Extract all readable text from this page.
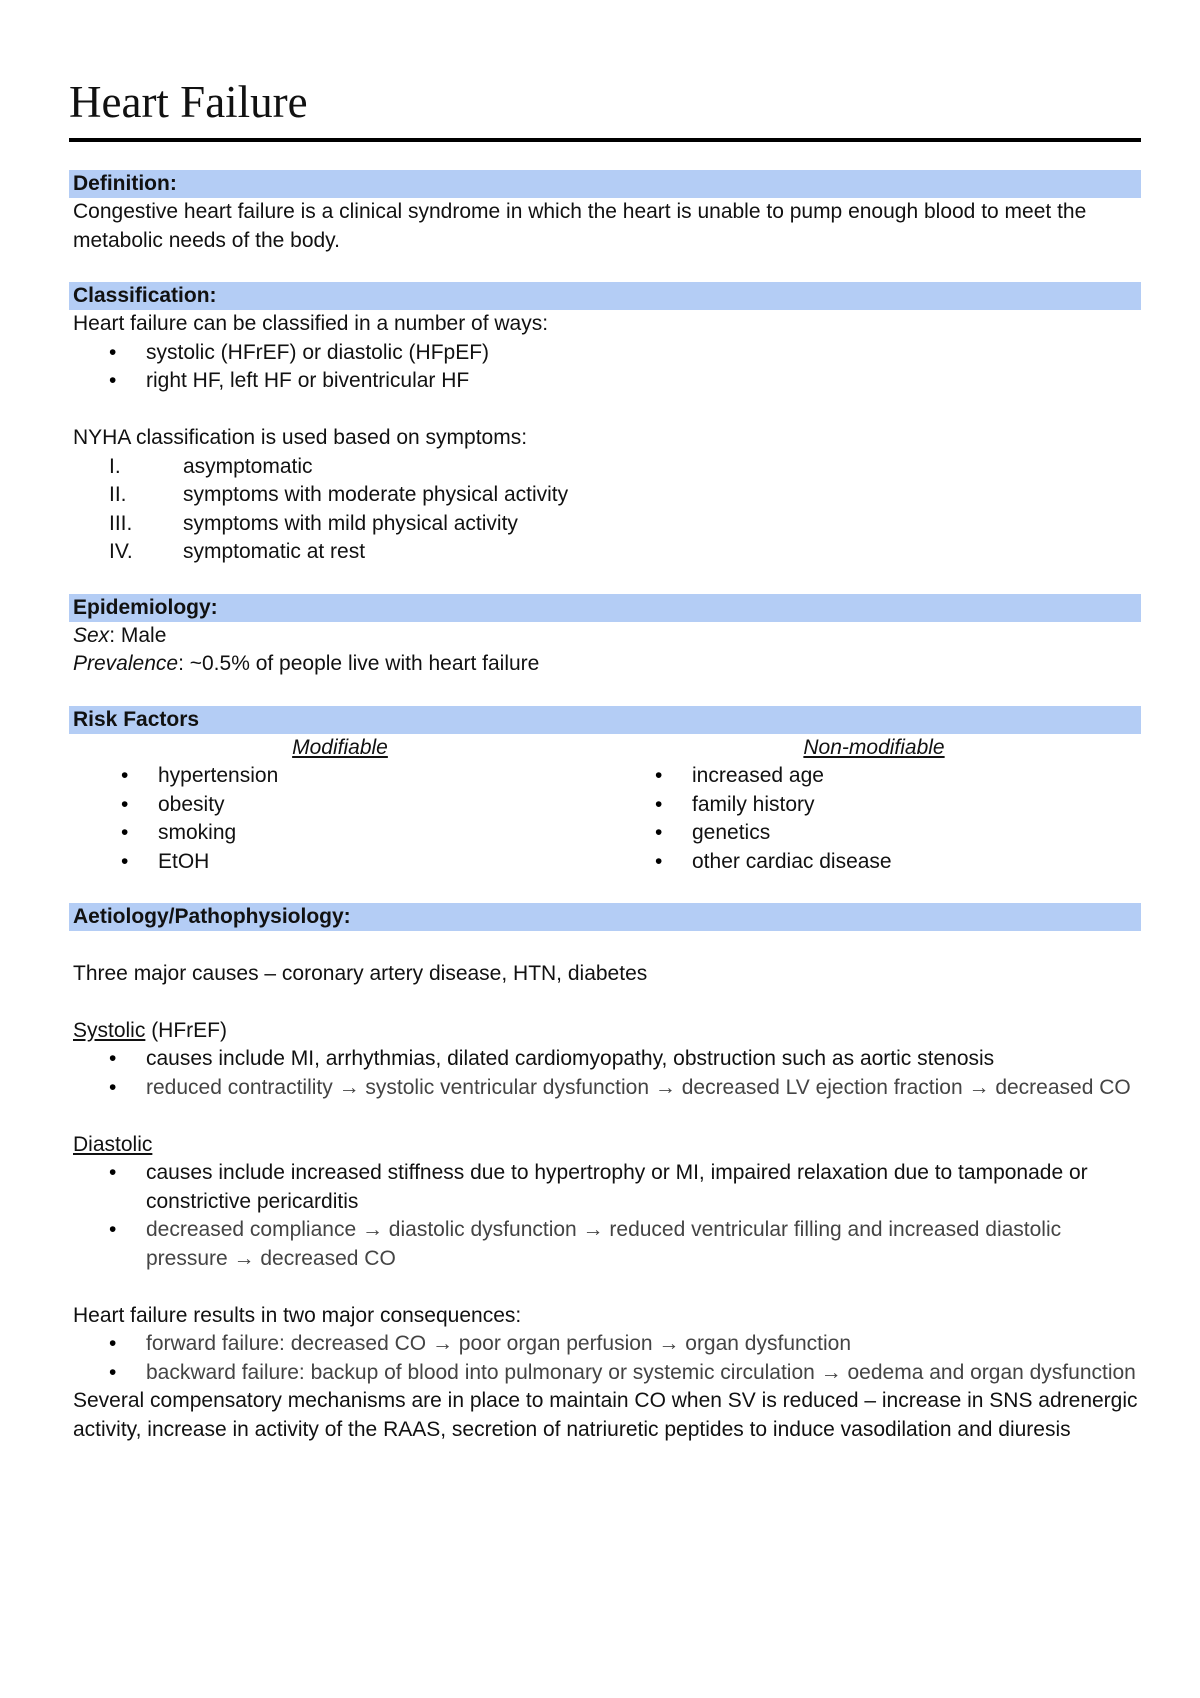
Heart Failure
Definition:

Congestive heart failure is a clinical syndrome in which the heart is unable to pump enough blood to meet the metabolic needs of the body.

Classification:

Heart failure can be classified in a number of ways:

• systolic (HFrEF) or diastolic (HFpEF)
• right HF, left HF or biventricular HF

NYHA classification is used based on symptoms:

I.	asymptomatic
II.	symptoms with moderate physical activity
III. symptoms with mild physical activity
IV. symptomatic at rest
Epidemiology:

Sex: Male

Prevalence: ~0.5% of people live with heart failure

Risk Factors
Modifiable
• hypertension
• obesity
• smoking
• EtOH
Non-modifiable
• increased age
• family history
• genetics
• other cardiac disease
Aetiology/Pathophysiology:

Three major causes – coronary artery disease, HTN, diabetes

Systolic (HFrEF)

• causes include MI, arrhythmias, dilated cardiomyopathy, obstruction such as aortic stenosis
• reduced contractility → systolic ventricular dysfunction → decreased LV ejection fraction → decreased CO

Diastolic

• causes include increased stiffness due to hypertrophy or MI, impaired relaxation due to tamponade or constrictive pericarditis
• decreased compliance → diastolic dysfunction → reduced ventricular filling and increased diastolic pressure → decreased CO

Heart failure results in two major consequences:

• forward failure: decreased CO → poor organ perfusion → organ dysfunction
• backward failure: backup of blood into pulmonary or systemic circulation → oedema and organ dysfunction

Several compensatory mechanisms are in place to maintain CO when SV is reduced – increase in SNS adrenergic activity, increase in activity of the RAAS, secretion of natriuretic peptides to induce vasodilation and diuresis
